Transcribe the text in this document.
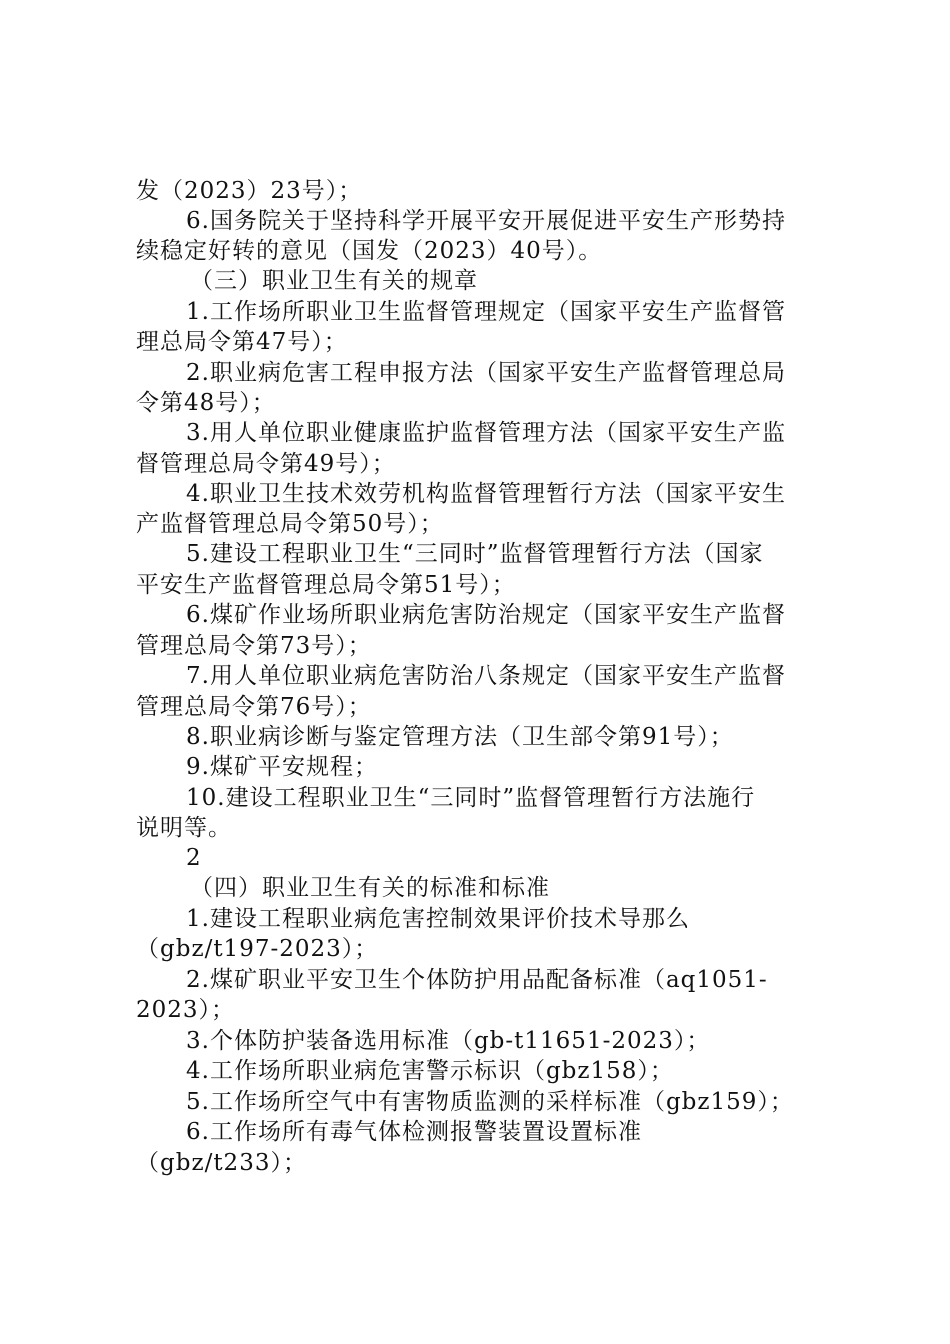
发（2023）23号）；
6.国务院关于坚持科学开展平安开展促进平安生产形势持
续稳定好转的意见（国发（2023）40号）。
（三）职业卫生有关的规章
1.工作场所职业卫生监督管理规定（国家平安生产监督管
理总局令第47号）；
2.职业病危害工程申报方法（国家平安生产监督管理总局
令第48号）；
3.用人单位职业健康监护监督管理方法（国家平安生产监
督管理总局令第49号）；
4.职业卫生技术效劳机构监督管理暂行方法（国家平安生
产监督管理总局令第50号）；
5.建设工程职业卫生“三同时”监督管理暂行方法（国家
平安生产监督管理总局令第51号）；
6.煤矿作业场所职业病危害防治规定（国家平安生产监督
管理总局令第73号）；
7.用人单位职业病危害防治八条规定（国家平安生产监督
管理总局令第76号）；
8.职业病诊断与鉴定管理方法（卫生部令第91号）；
9.煤矿平安规程；
10.建设工程职业卫生“三同时”监督管理暂行方法施行
说明等。
2
（四）职业卫生有关的标准和标准
1.建设工程职业病危害控制效果评价技术导那么
（gbz/t197-2023）；
2.煤矿职业平安卫生个体防护用品配备标准（aq1051-
2023）；
3.个体防护装备选用标准（gb-t11651-2023）；
4.工作场所职业病危害警示标识（gbz158）；
5.工作场所空气中有害物质监测的采样标准（gbz159）；
6.工作场所有毒气体检测报警装置设置标准
（gbz/t233）；
